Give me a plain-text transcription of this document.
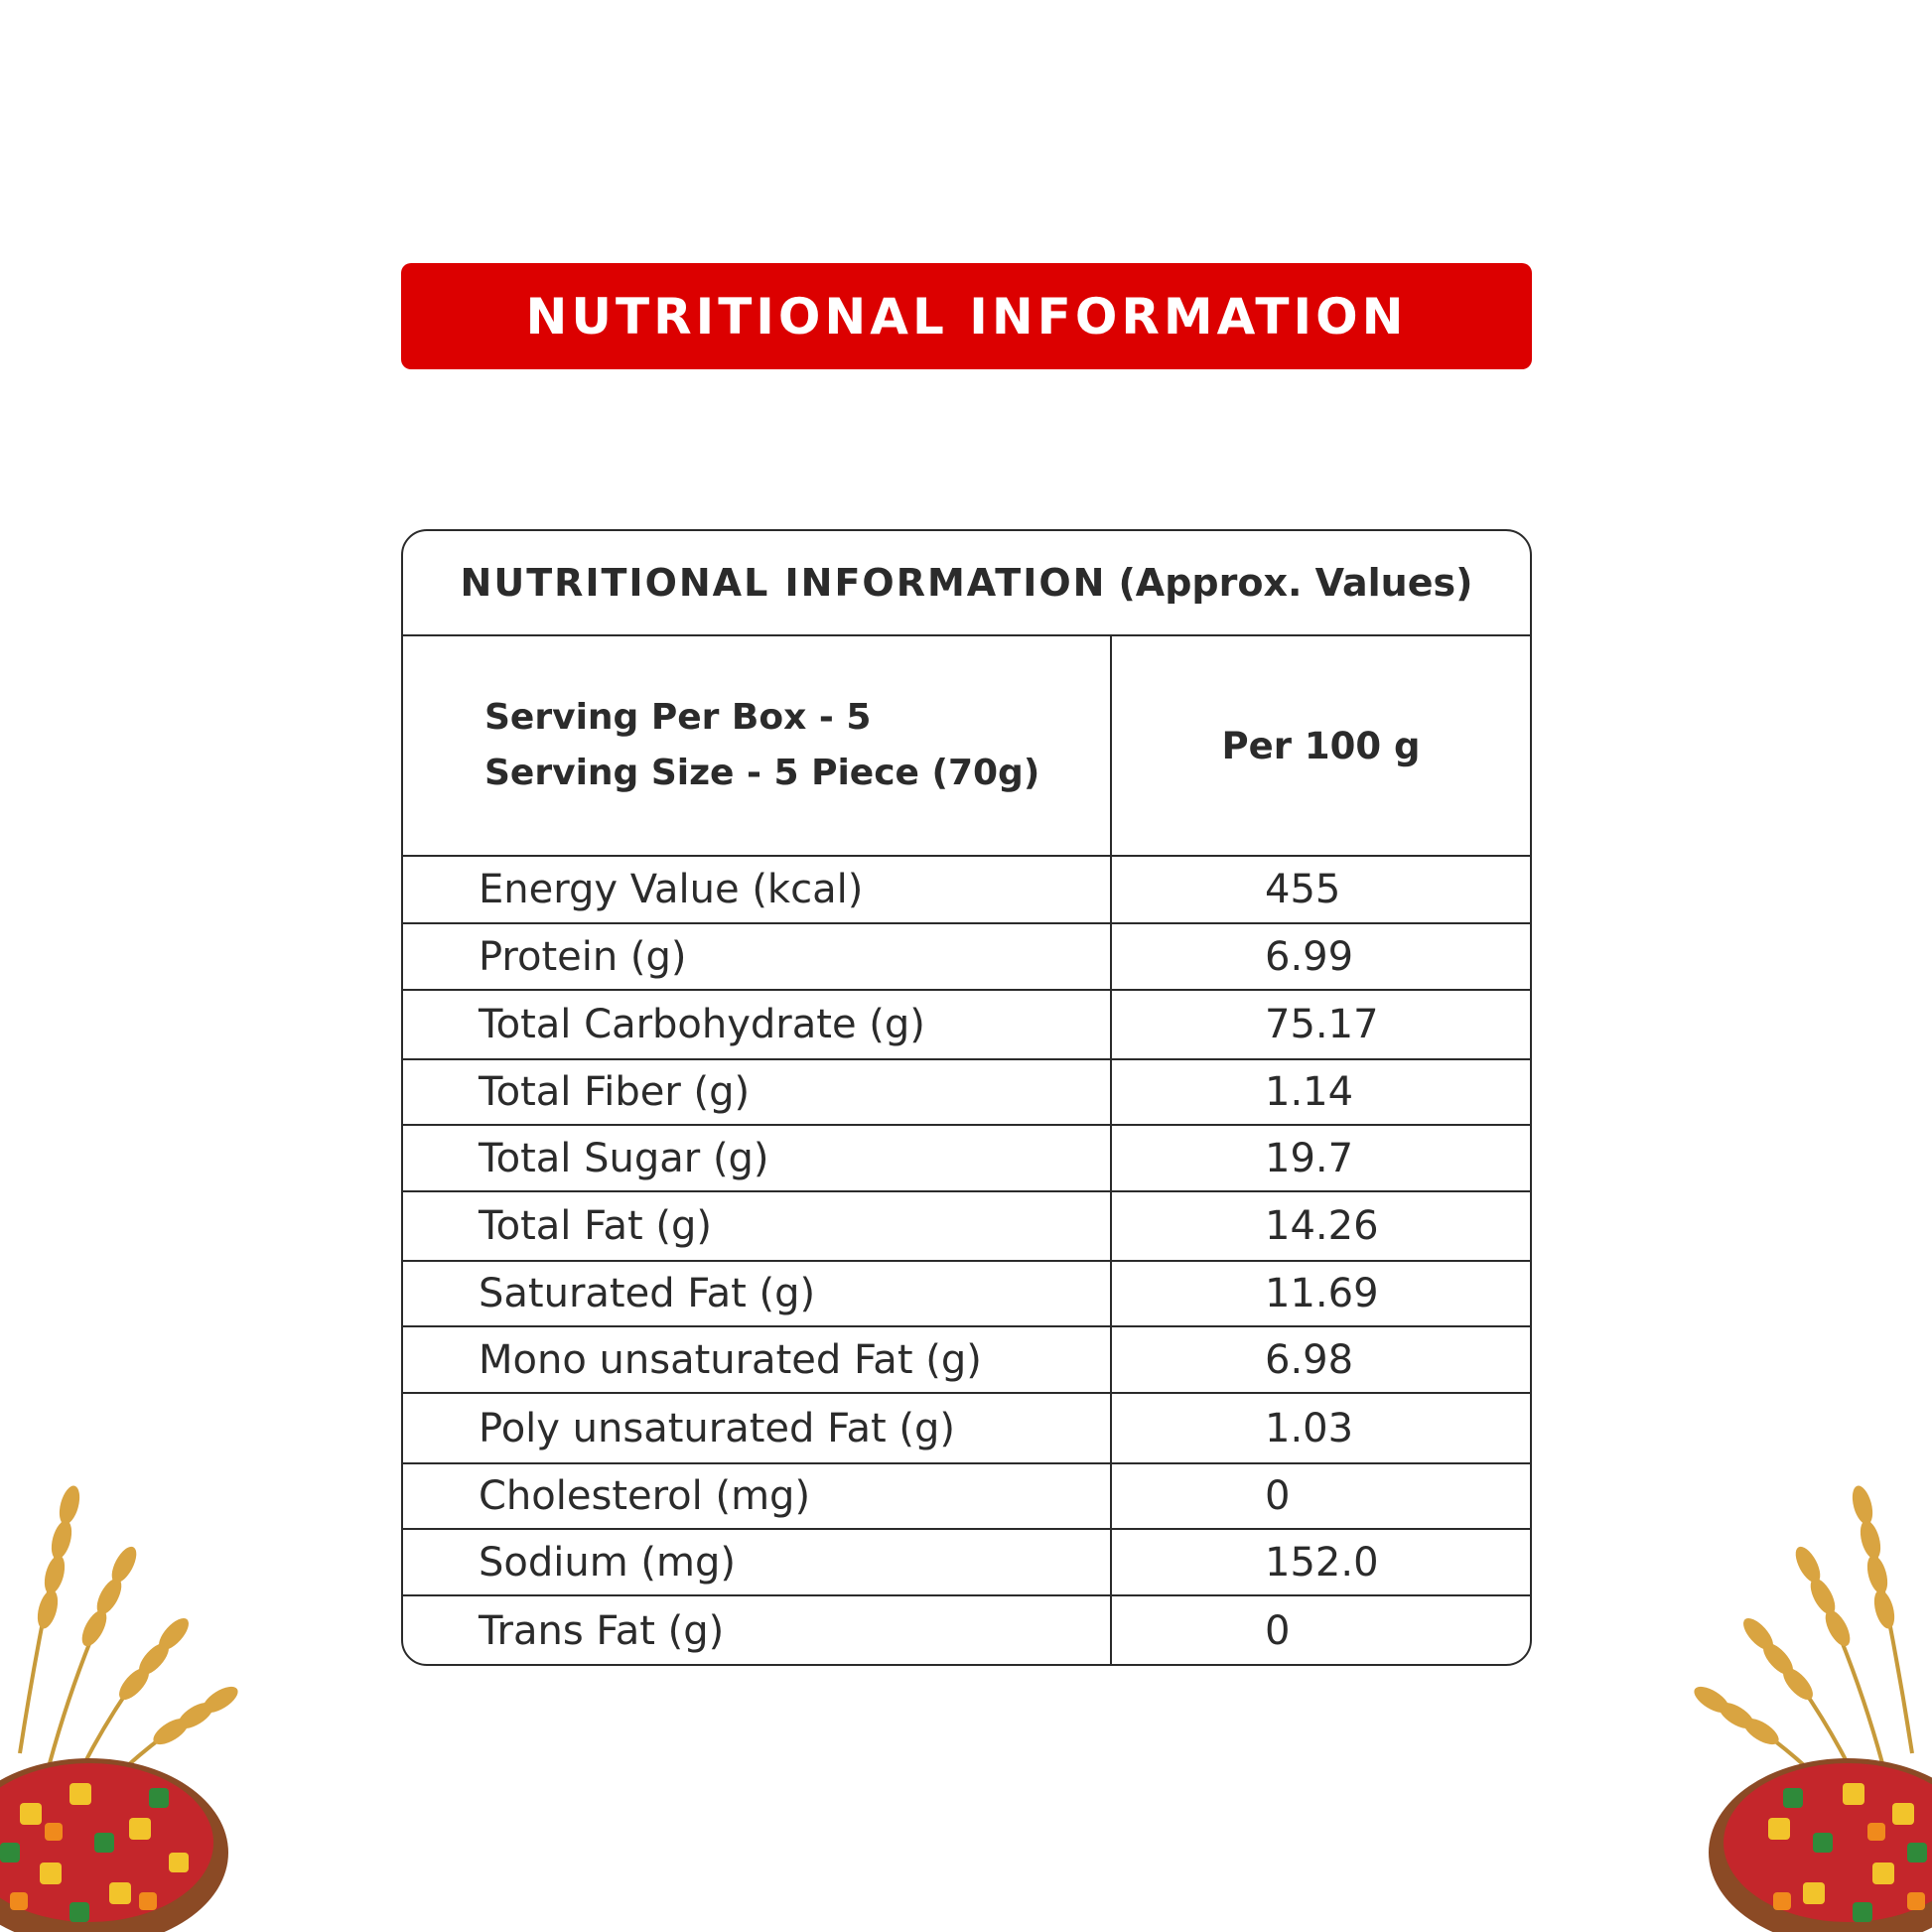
NUTRITIONAL INFORMATION
NUTRITIONAL INFORMATION (Approx. Values)
Serving Per Box - 5
Serving Size - 5 Piece (70g)
Per 100 g
Energy Value (kcal)	455
Protein (g)	6.99
Total Carbohydrate (g)	75.17
Total Fiber (g)	1.14
Total Sugar (g)	19.7
Total Fat (g)	14.26
Saturated Fat (g)	11.69
Mono unsaturated Fat (g)	6.98
Poly unsaturated Fat (g)	1.03
Cholesterol (mg)	0
Sodium (mg)	152.0
Trans Fat (g)	0
